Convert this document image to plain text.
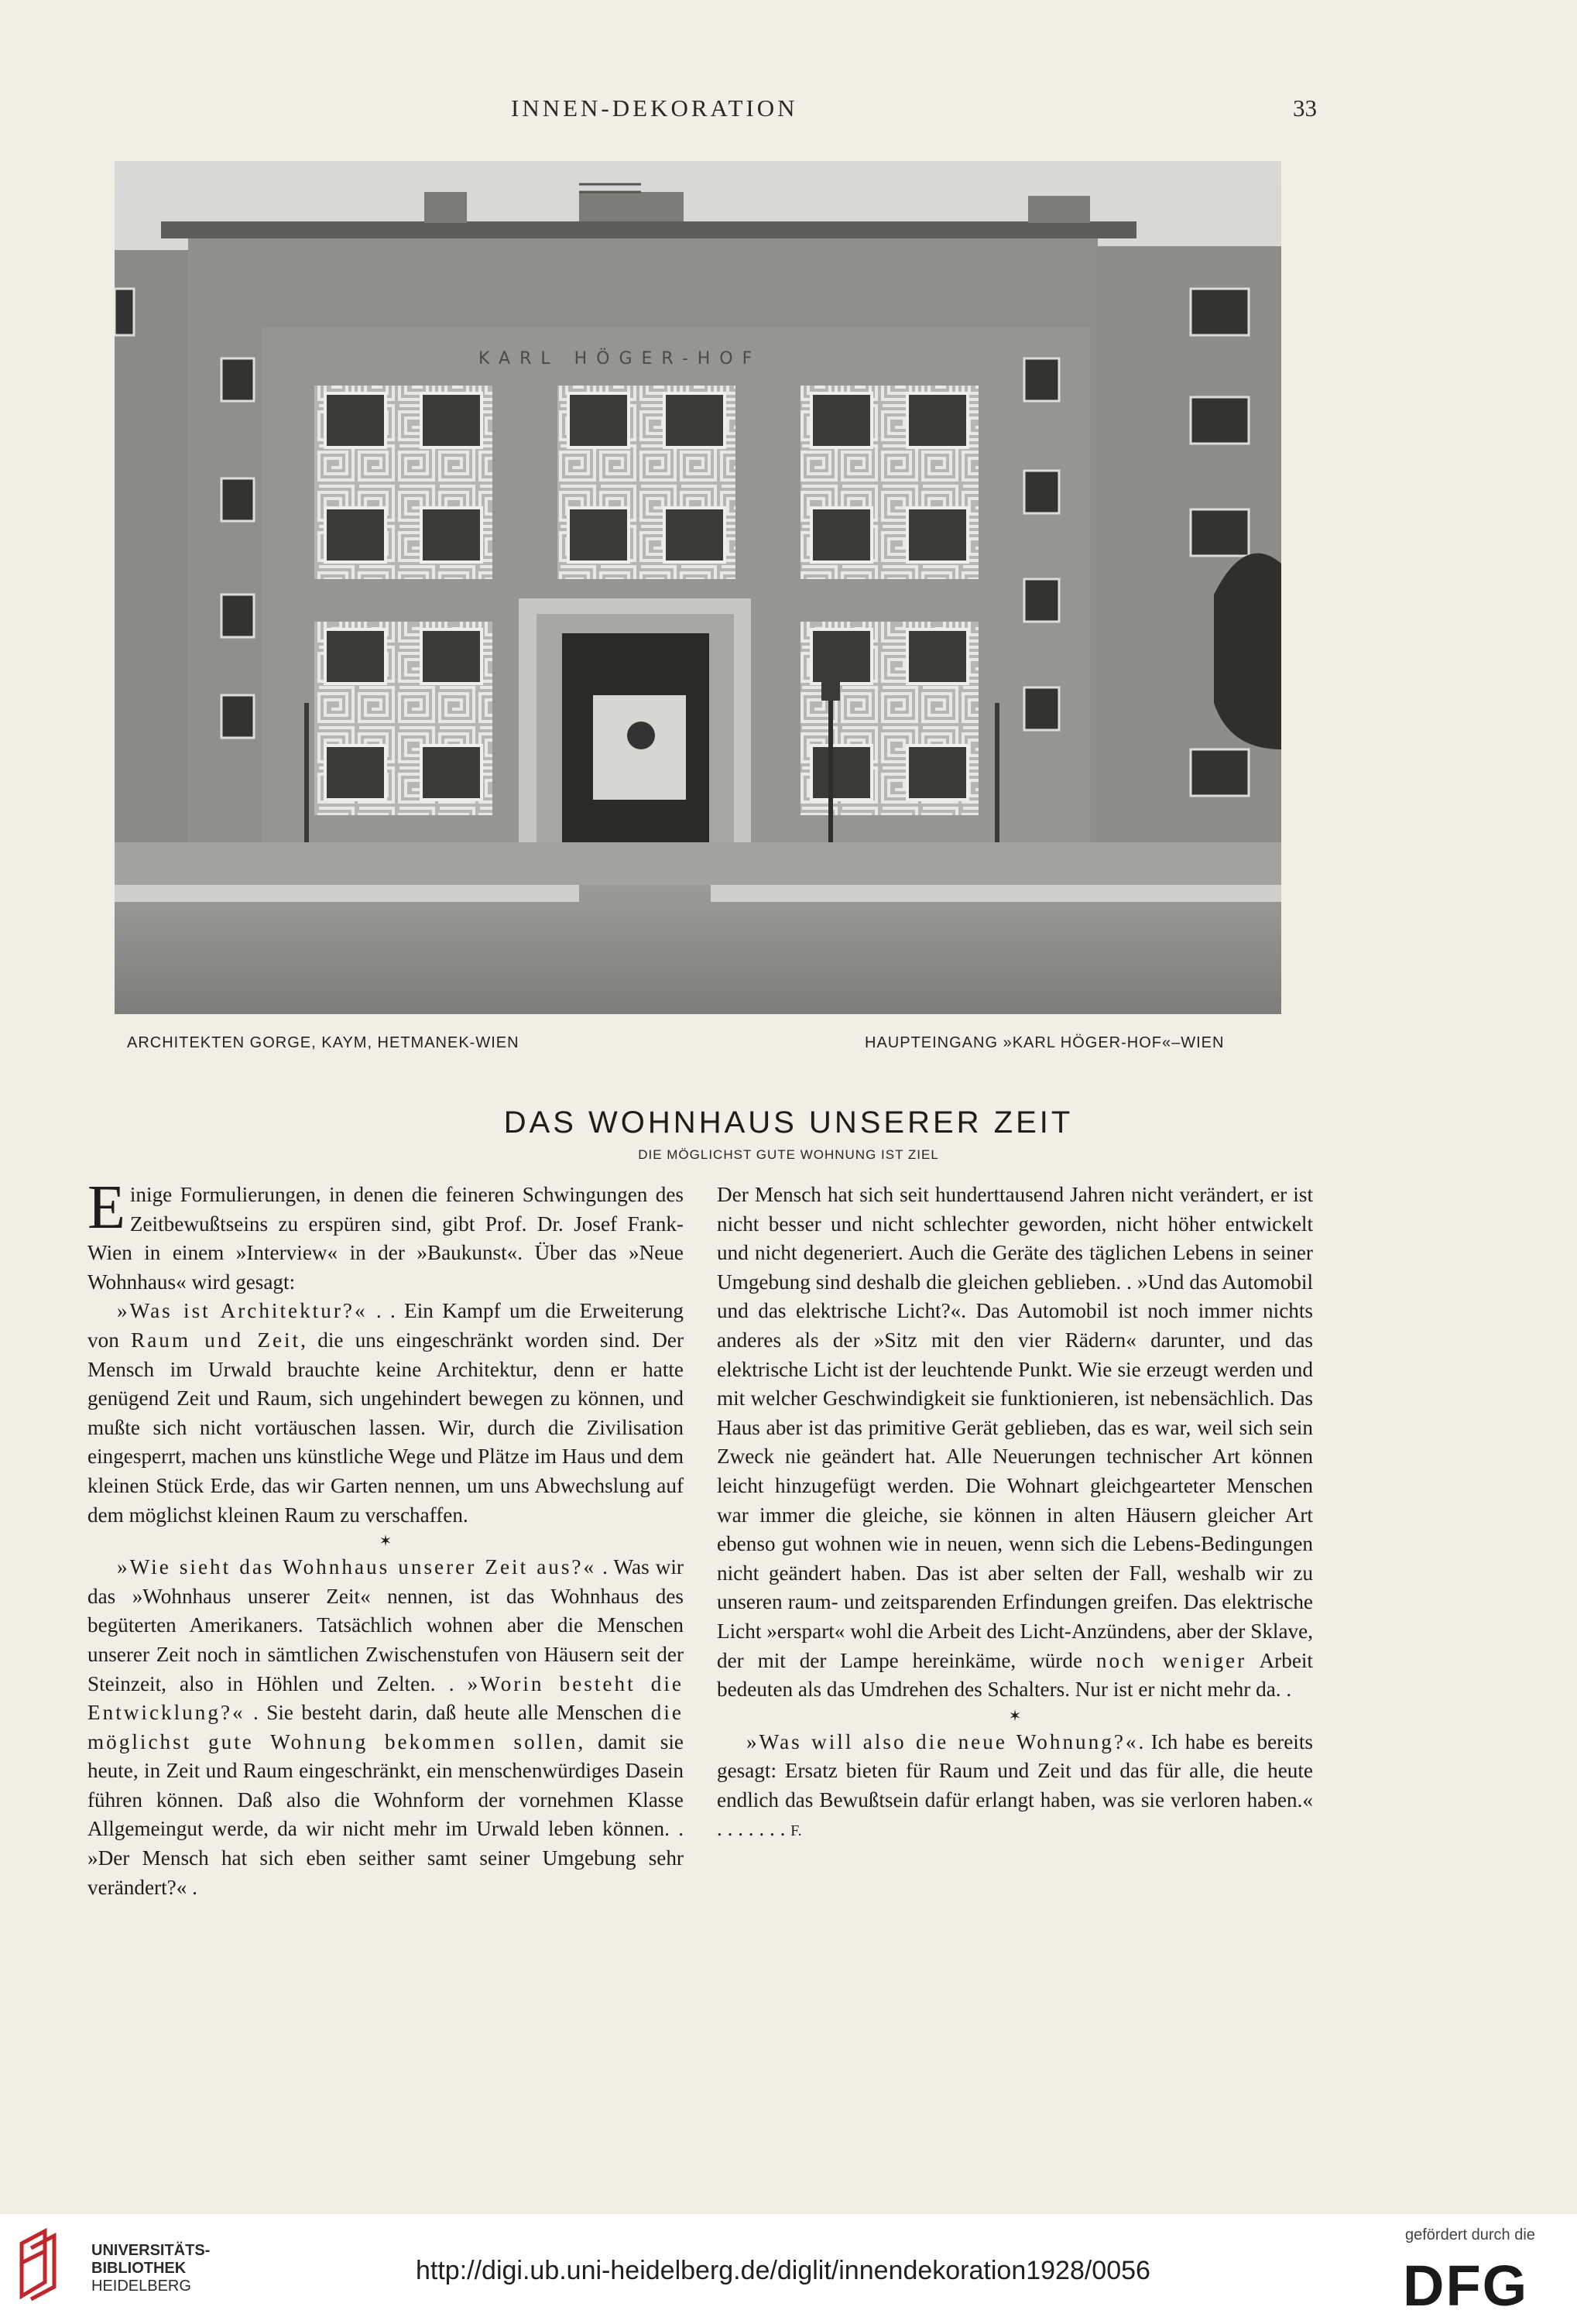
INNEN-DEKORATION	33
KARL HÖGER-HOF
ARCHITEKTEN GORGE, KAYM, HETMANEK-WIEN	HAUPTEINGANG »KARL HÖGER-HOF«–WIEN
DAS WOHNHAUS UNSERER ZEIT
DIE MÖGLICHST GUTE WOHNUNG IST ZIEL

Einige Formulierungen, in denen die feineren Schwingungen des Zeitbewußtseins zu erspüren sind, gibt Prof. Dr. Josef Frank-Wien in einem »Interview« in der »Baukunst«. Über das »Neue Wohnhaus« wird gesagt:

»Was ist Architektur?« . . Ein Kampf um die Erweiterung von Raum und Zeit, die uns eingeschränkt worden sind. Der Mensch im Urwald brauchte keine Architektur, denn er hatte genügend Zeit und Raum, sich ungehindert bewegen zu können, und mußte sich nicht vortäuschen lassen. Wir, durch die Zivilisation eingesperrt, machen uns künstliche Wege und Plätze im Haus und dem kleinen Stück Erde, das wir Garten nennen, um uns Abwechslung auf dem möglichst kleinen Raum zu verschaffen.

✶

»Wie sieht das Wohnhaus unserer Zeit aus?« . Was wir das »Wohnhaus unserer Zeit« nennen, ist das Wohnhaus des begüterten Amerikaners. Tatsächlich wohnen aber die Menschen unserer Zeit noch in sämtlichen Zwischenstufen von Häusern seit der Steinzeit, also in Höhlen und Zelten. . »Worin besteht die Entwicklung?« . Sie besteht darin, daß heute alle Menschen die möglichst gute Wohnung bekommen sollen, damit sie heute, in Zeit und Raum eingeschränkt, ein menschenwürdiges Dasein führen können. Daß also die Wohnform der vornehmen Klasse Allgemeingut werde, da wir nicht mehr im Urwald leben können. . »Der Mensch hat sich eben seither samt seiner Umgebung sehr verändert?« .

Der Mensch hat sich seit hunderttausend Jahren nicht verändert, er ist nicht besser und nicht schlechter geworden, nicht höher entwickelt und nicht degeneriert. Auch die Geräte des täglichen Lebens in seiner Umgebung sind deshalb die gleichen geblieben. . »Und das Automobil und das elektrische Licht?«. Das Automobil ist noch immer nichts anderes als der »Sitz mit den vier Rädern« darunter, und das elektrische Licht ist der leuchtende Punkt. Wie sie erzeugt werden und mit welcher Geschwindigkeit sie funktionieren, ist nebensächlich. Das Haus aber ist das primitive Gerät geblieben, das es war, weil sich sein Zweck nie geändert hat. Alle Neuerungen technischer Art können leicht hinzugefügt werden. Die Wohnart gleichgearteter Menschen war immer die gleiche, sie können in alten Häusern gleicher Art ebenso gut wohnen wie in neuen, wenn sich die Lebens-Bedingungen nicht geändert haben. Das ist aber selten der Fall, weshalb wir zu unseren raum- und zeitsparenden Erfindungen greifen. Das elektrische Licht »erspart« wohl die Arbeit des Licht-Anzündens, aber der Sklave, der mit der Lampe hereinkäme, würde noch weniger Arbeit bedeuten als das Umdrehen des Schalters. Nur ist er nicht mehr da. .

✶

»Was will also die neue Wohnung?«. Ich habe es bereits gesagt: Ersatz bieten für Raum und Zeit und das für alle, die heute endlich das Bewußtsein dafür erlangt haben, was sie verloren haben.« . . . . . . . F.

UNIVERSITÄTS-
BIBLIOTHEK
HEIDELBERG
http://digi.ub.uni-heidelberg.de/diglit/innendekoration1928/0056
gefördert durch die
DFG
